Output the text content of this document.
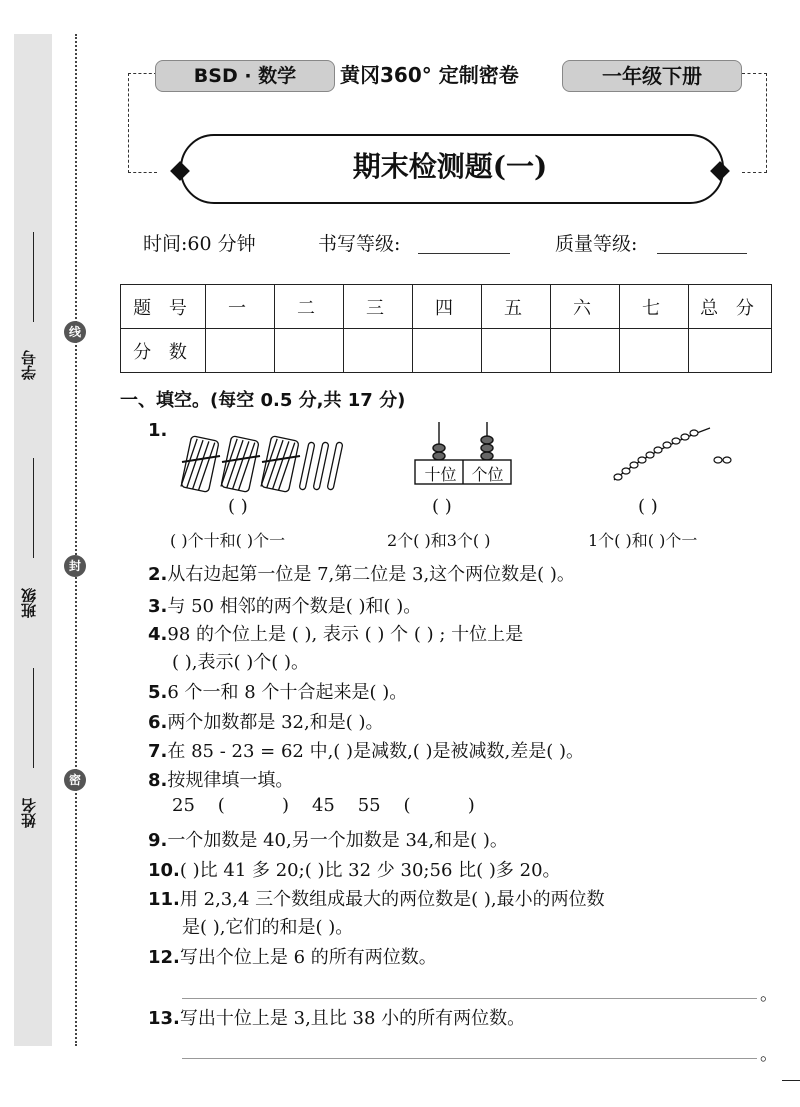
学号
班级
姓名
线
封
密
BSD · 数学	黄冈360° 定制密卷	一年级下册
期末检测题(一)
时间:60 分钟	书写等级:	质量等级:
题 号	一	二	三	四	五	六	七	总 分
分 数								
一、填空。(每空 0.5 分,共 17 分)
1.
十位 个位
( )	( )	( )
( )个十和( )个一	2个( )和3个( )	1个( )和( )个一
2.从右边起第一位是 7,第二位是 3,这个两位数是( )。
3.与 50 相邻的两个数是( )和( )。
4.98 的个位上是 ( ), 表示 ( ) 个 ( ) ; 十位上是
( ),表示( )个( )。
5.6 个一和 8 个十合起来是( )。
6.两个加数都是 32,和是( )。
7.在 85 - 23 = 62 中,( )是减数,( )是被减数,差是( )。
8.按规律填一填。
25    (          )    45    55    (          )
9.一个加数是 40,另一个加数是 34,和是( )。
10.( )比 41 多 20;( )比 32 少 30;56 比( )多 20。
11.用 2,3,4 三个数组成最大的两位数是( ),最小的两位数
是( ),它们的和是( )。
12.写出个位上是 6 的所有两位数。
。
13.写出十位上是 3,且比 38 小的所有两位数。
。
